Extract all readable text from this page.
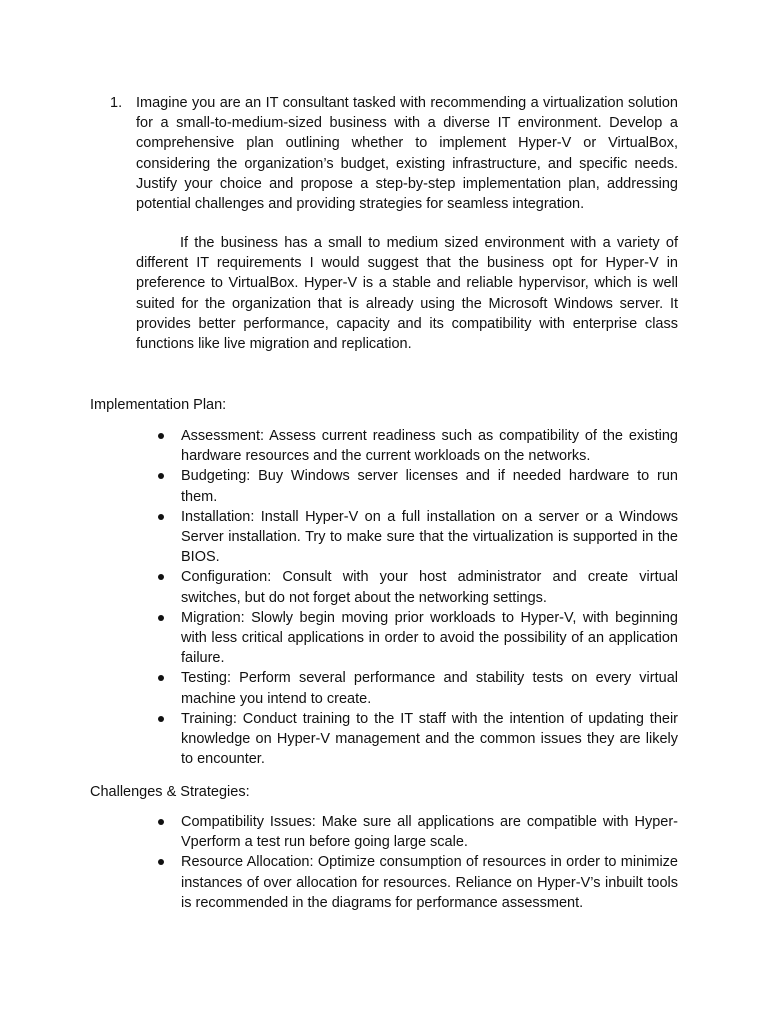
1. Imagine you are an IT consultant tasked with recommending a virtualization solution for a small-to-medium-sized business with a diverse IT environment. Develop a comprehensive plan outlining whether to implement Hyper-V or VirtualBox, considering the organization’s budget, existing infrastructure, and specific needs. Justify your choice and propose a step-by-step implementation plan, addressing potential challenges and providing strategies for seamless integration.

If the business has a small to medium sized environment with a variety of different IT requirements I would suggest that the business opt for Hyper-V in preference to VirtualBox. Hyper-V is a stable and reliable hypervisor, which is well suited for the organization that is already using the Microsoft Windows server. It provides better performance, capacity and its compatibility with enterprise class functions like live migration and replication.

Implementation Plan:
Assessment: Assess current readiness such as compatibility of the existing hardware resources and the current workloads on the networks.
Budgeting: Buy Windows server licenses and if needed hardware to run them.
Installation: Install Hyper-V on a full installation on a server or a Windows Server installation. Try to make sure that the virtualization is supported in the BIOS.
Configuration: Consult with your host administrator and create virtual switches, but do not forget about the networking settings.
Migration: Slowly begin moving prior workloads to Hyper-V, with beginning with less critical applications in order to avoid the possibility of an application failure.
Testing: Perform several performance and stability tests on every virtual machine you intend to create.
Training: Conduct training to the IT staff with the intention of updating their knowledge on Hyper-V management and the common issues they are likely to encounter.
Challenges & Strategies:
Compatibility Issues: Make sure all applications are compatible with Hyper-Vperform a test run before going large scale.
Resource Allocation: Optimize consumption of resources in order to minimize instances of over allocation for resources. Reliance on Hyper-V’s inbuilt tools is recommended in the diagrams for performance assessment.
